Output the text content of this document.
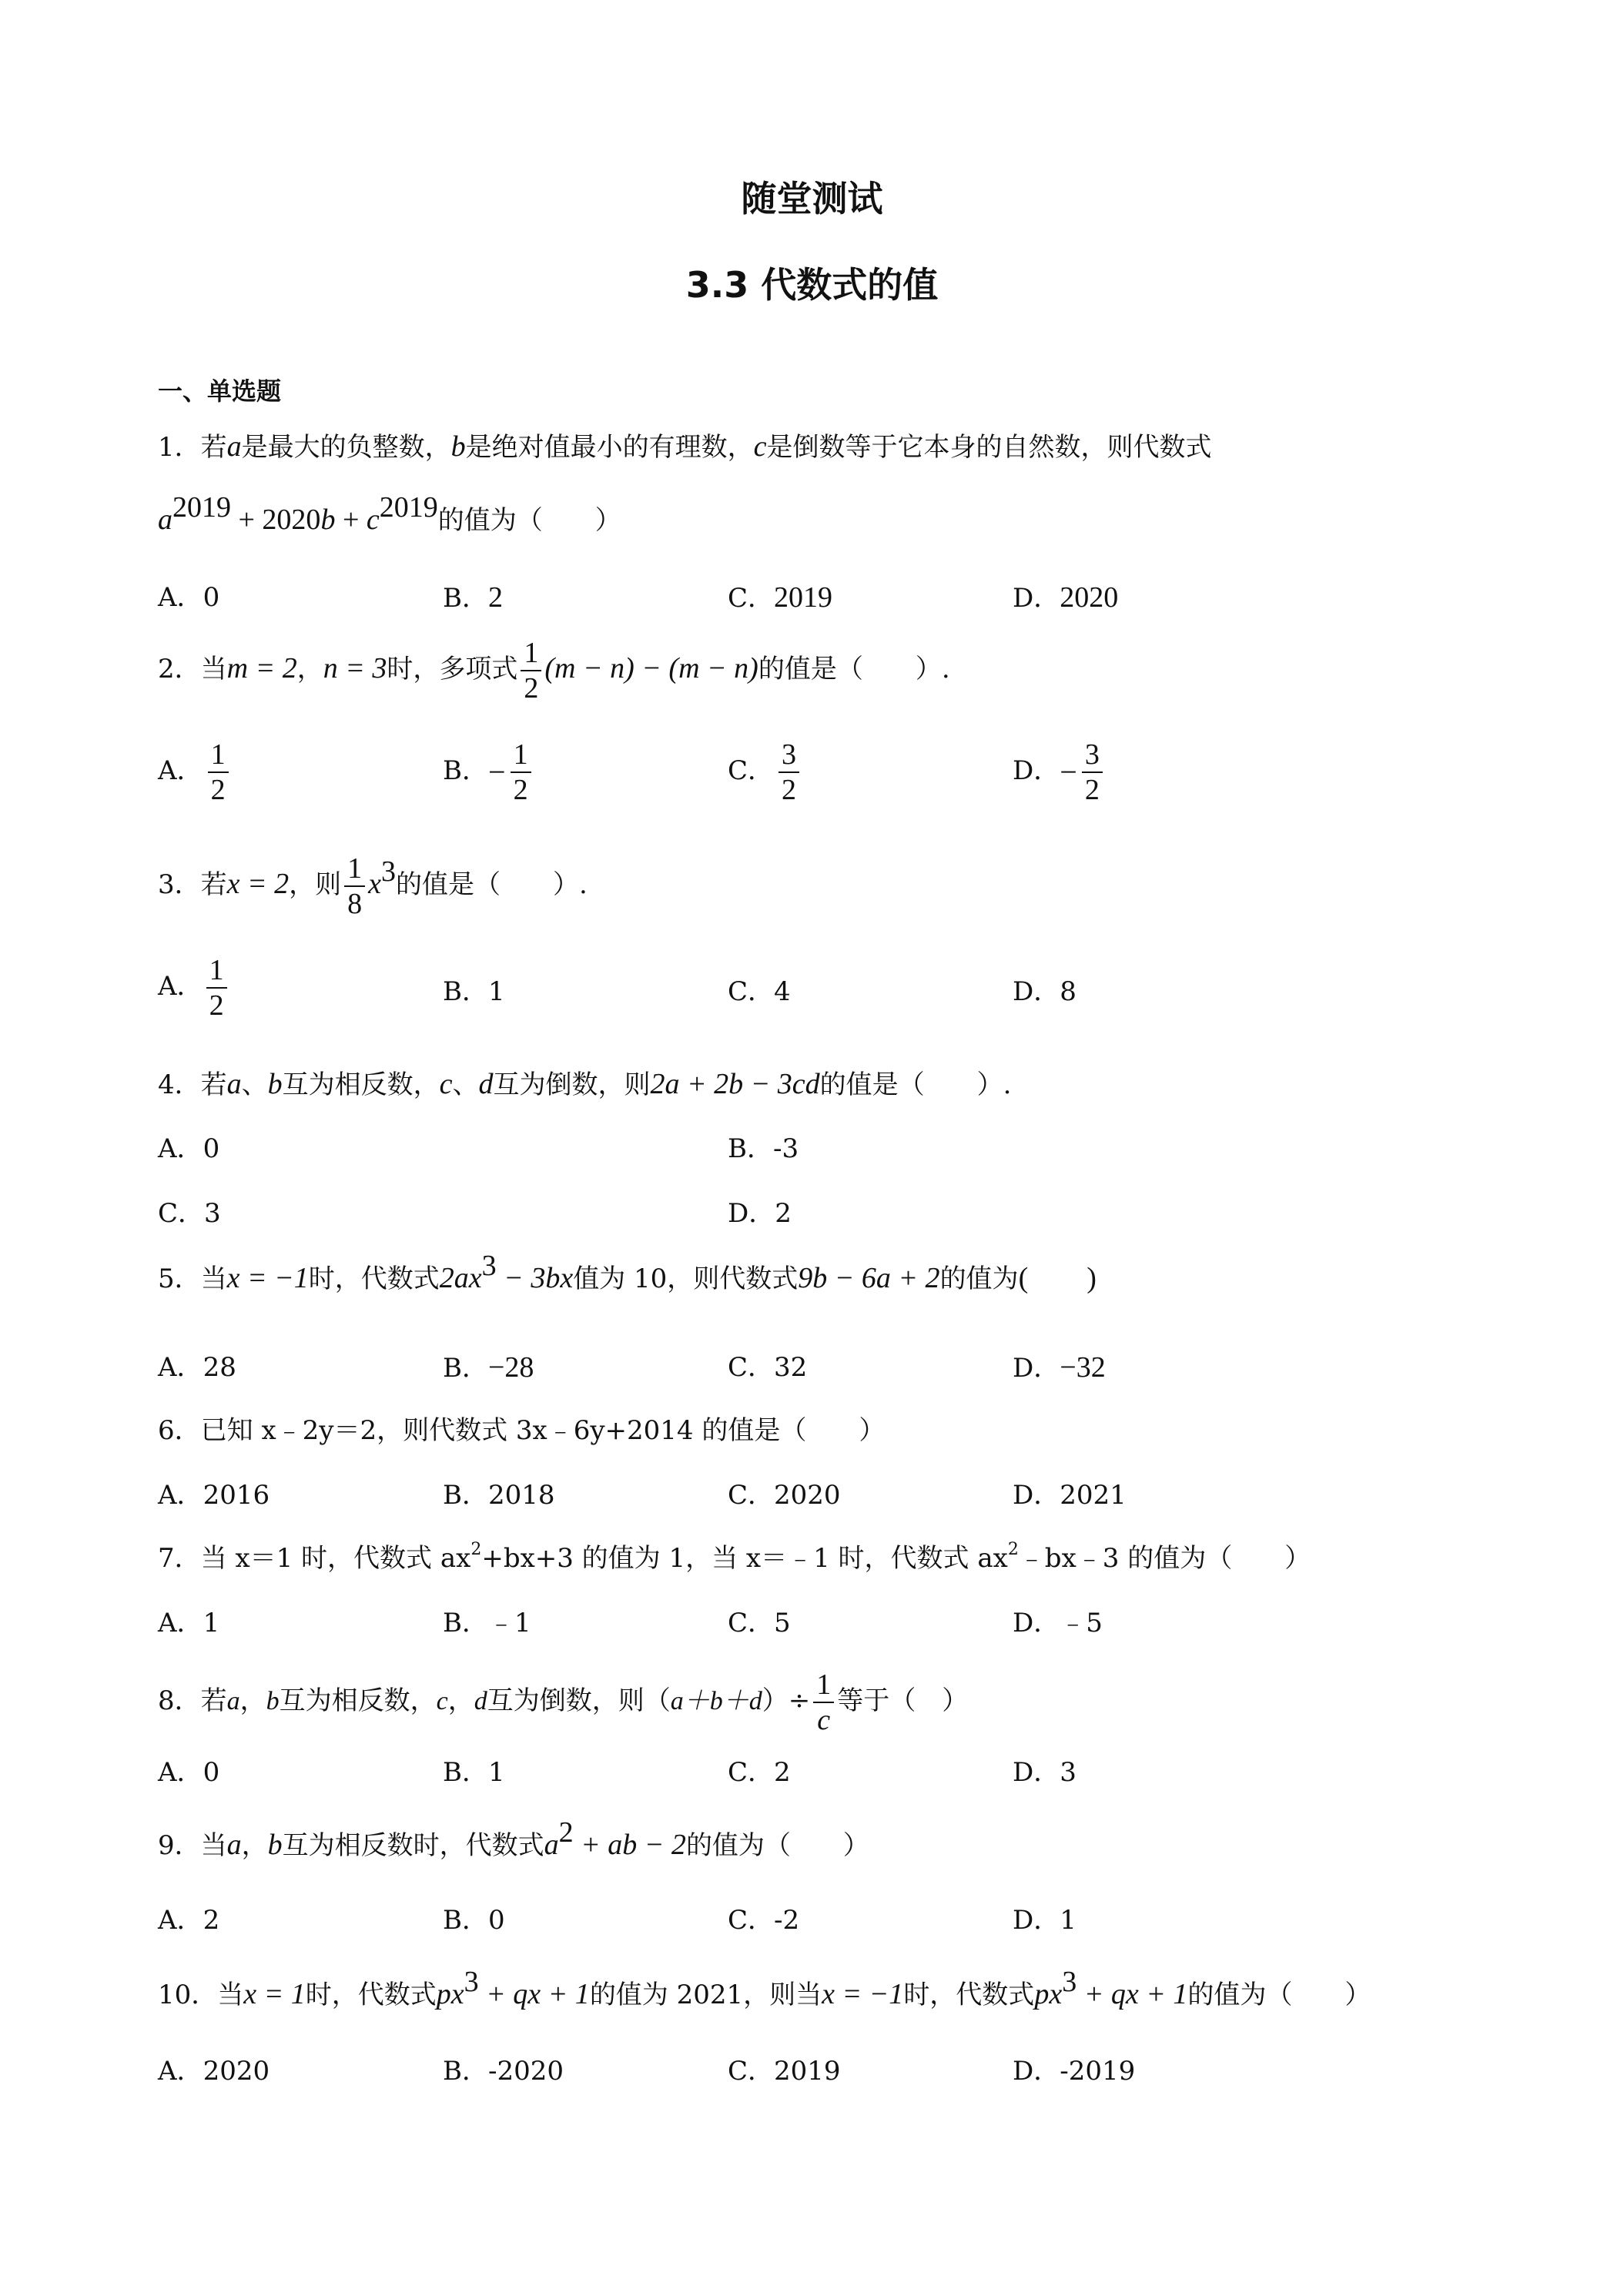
随堂测试
3.3 代数式的值
一、单选题
1．若a是最大的负整数，b是绝对值最小的有理数，c是倒数等于它本身的自然数，则代数式
$a^{2019} + 2020b + c^{2019}$的值为（　　）
A．0	B．2	C．2019	D．2020
2．当m = 2，n = 3时，多项式 $\frac{1}{2} (m - n) - (m - n)$的值是（　　）.
A． $\frac{1}{2}$	B．− $\frac{1}{2}$	C． $\frac{3}{2}$	D．− $\frac{3}{2}$
3．若x = 2，则 $\frac{1}{8} x^3$的值是（　　）.
A． $\frac{1}{2}$	B．1	C．4	D．8
4．若a、b互为相反数，c、d互为倒数，则2a + 2b − 3cd的值是（　　）.
A．0	B．-3
C．3	D．2
5．当x = −1时，代数式$2ax^3 - 3bx$值为 10，则代数式9b − 6a + 2的值为(　　)
A．28	B．−28	C．32	D．−32
6．已知 x﹣2y＝2，则代数式 3x﹣6y+2014 的值是（　　）
A．2016	B．2018	C．2020	D．2021
7．当 x＝1 时，代数式 $ax^2+bx+3$ 的值为 1，当 x＝﹣1 时，代数式 $ax^2﹣bx﹣3$ 的值为（　　）
A．1	B．﹣1	C．5	D．﹣5
8．若a，b互为相反数，c，d互为倒数，则$(a+b+d)\div \frac{1}{c}$ 等于（　）
A．0	B．1	C．2	D．3
9．当a，b互为相反数时，代数式$a^2$ + ab − 2的值为（　　）
A．2	B．0	C．-2	D．1
10．当x = 1时，代数式$px^3$ + qx + 1的值为 2021，则当x = −1时，代数式$px^3$ + qx + 1的值为（　　）
A．2020	B．-2020	C．2019	D．-2019
